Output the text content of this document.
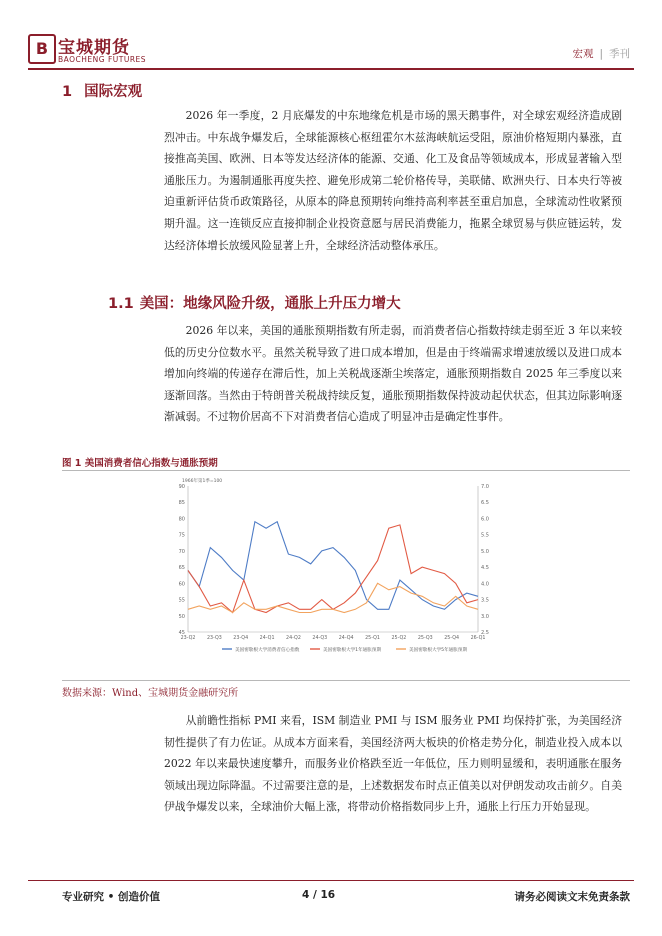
B 宝城期货
BAOCHENG FUTURES	宏观 | 季刊
1 国际宏观
2026 年一季度，2 月底爆发的中东地缘危机是市场的黑天鹅事件，对全球宏观经济造成剧烈冲击。中东战争爆发后，全球能源核心枢纽霍尔木兹海峡航运受阻，原油价格短期内暴涨，直接推高美国、欧洲、日本等发达经济体的能源、交通、化工及食品等领域成本，形成显著输入型通胀压力。为遏制通胀再度失控、避免形成第二轮价格传导，美联储、欧洲央行、日本央行等被迫重新评估货币政策路径，从原本的降息预期转向维持高利率甚至重启加息，全球流动性收紧预期升温。这一连锁反应直接抑制企业投资意愿与居民消费能力，拖累全球贸易与供应链运转，发达经济体增长放缓风险显著上升，全球经济活动整体承压。
1.1 美国：地缘风险升级，通胀上升压力增大
2026 年以来，美国的通胀预期指数有所走弱，而消费者信心指数持续走弱至近 3 年以来较低的历史分位数水平。虽然关税导致了进口成本增加，但是由于终端需求增速放缓以及进口成本增加向终端的传递存在滞后性，加上关税战逐渐尘埃落定，通胀预期指数自 2025 年三季度以来逐渐回落。当然由于特朗普关税战持续反复，通胀预期指数保持波动起伏状态，但其边际影响逐渐减弱。不过物价居高不下对消费者信心造成了明显冲击是确定性事件。
图 1 美国消费者信心指数与通胀预期
1966年第1季=100
45
50
55
60
65
70
75
80
85
90
2.5
3.0
3.5
4.0
4.5
5.0
5.5
6.0
6.5
7.0
23-Q2 23-Q3 23-Q4 24-Q1 24-Q2 24-Q3 24-Q4 25-Q1 25-Q2 25-Q3 25-Q4 26-Q1
美国密歇根大学消费者信心指数	美国密歇根大学1年通胀预期	美国密歇根大学5年通胀预期
数据来源：Wind、宝城期货金融研究所
从前瞻性指标 PMI 来看，ISM 制造业 PMI 与 ISM 服务业 PMI 均保持扩张，为美国经济韧性提供了有力佐证。从成本方面来看，美国经济两大板块的价格走势分化，制造业投入成本以 2022 年以来最快速度攀升，而服务业价格跌至近一年低位，压力则明显缓和，表明通胀在服务领域出现边际降温。不过需要注意的是，上述数据发布时点正值美以对伊朗发动攻击前夕。自美伊战争爆发以来，全球油价大幅上涨，将带动价格指数同步上升，通胀上行压力开始显现。
专业研究 • 创造价值	4 / 16	请务必阅读文末免责条款
